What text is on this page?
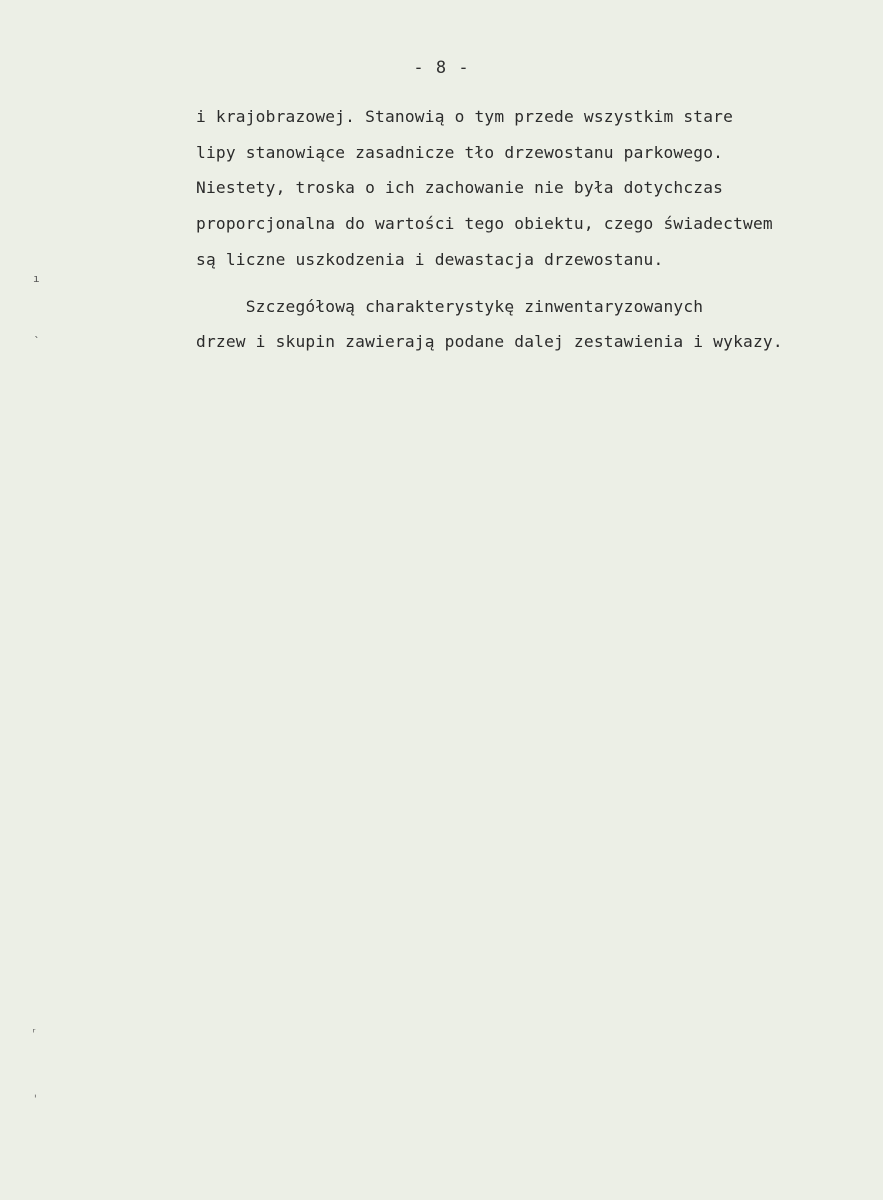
- 8 -
i krajobrazowej. Stanowią o tym przede wszystkim stare
lipy stanowiące zasadnicze tło drzewostanu parkowego.
Niestety, troska o ich zachowanie nie była dotychczas
proporcjonalna do wartości tego obiektu, czego świadectwem
są liczne uszkodzenia i dewastacja drzewostanu.
Szczegółową charakterystykę zinwentaryzowanych
drzew i skupin zawierają podane dalej zestawienia i wykazy.
ı
ˎ
ʳ
ˌ
